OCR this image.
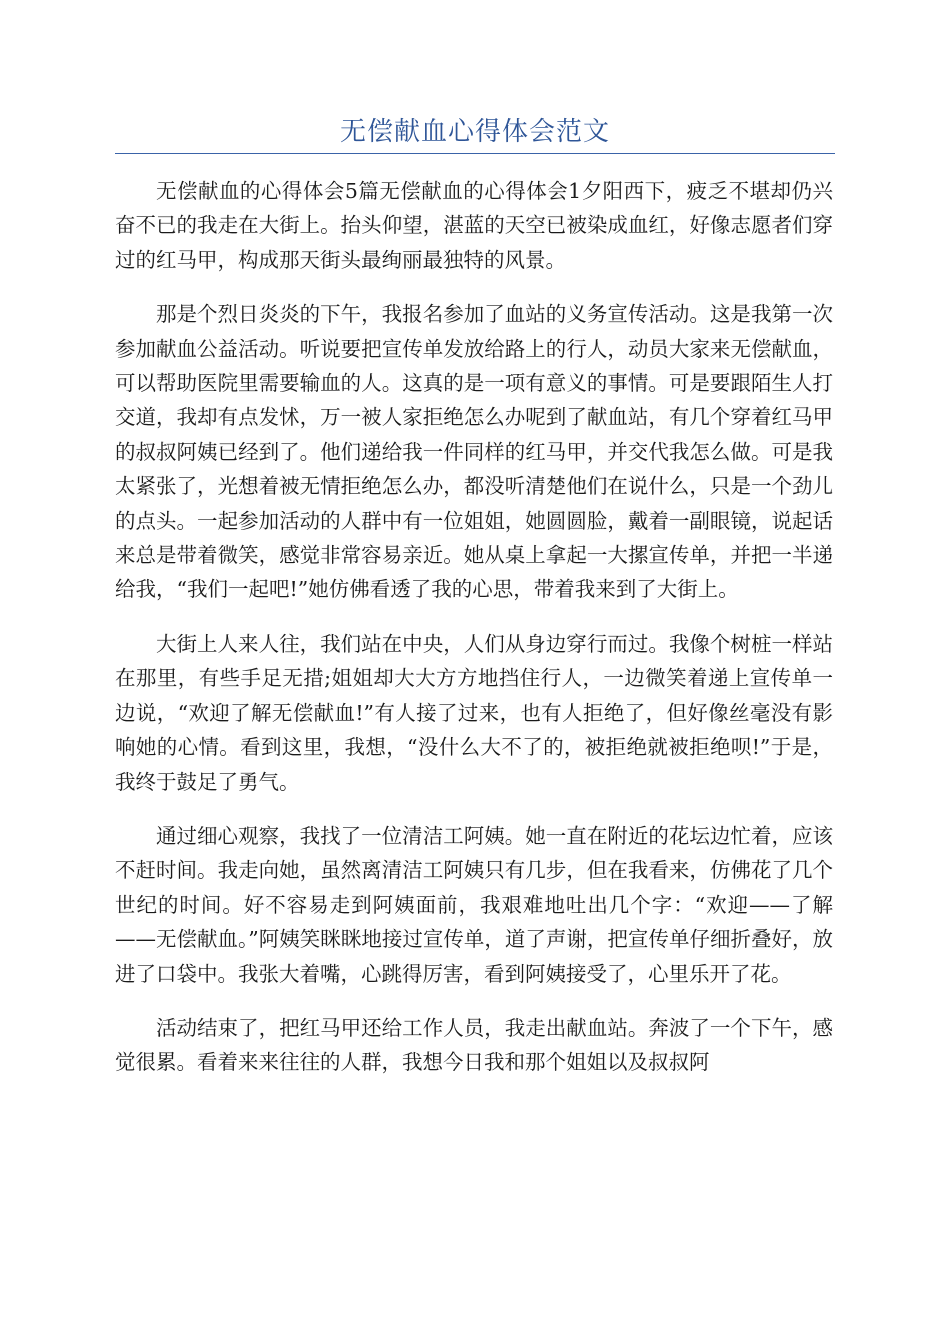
无偿献血心得体会范文

无偿献血的心得体会5篇无偿献血的心得体会1夕阳西下，疲乏不堪却仍兴奋不已的我走在大街上。抬头仰望，湛蓝的天空已被染成血红，好像志愿者们穿过的红马甲，构成那天街头最绚丽最独特的风景。

那是个烈日炎炎的下午，我报名参加了血站的义务宣传活动。这是我第一次参加献血公益活动。听说要把宣传单发放给路上的行人，动员大家来无偿献血，可以帮助医院里需要输血的人。这真的是一项有意义的事情。可是要跟陌生人打交道，我却有点发怵，万一被人家拒绝怎么办呢到了献血站，有几个穿着红马甲的叔叔阿姨已经到了。他们递给我一件同样的红马甲，并交代我怎么做。可是我太紧张了，光想着被无情拒绝怎么办，都没听清楚他们在说什么，只是一个劲儿的点头。一起参加活动的人群中有一位姐姐，她圆圆脸，戴着一副眼镜，说起话来总是带着微笑，感觉非常容易亲近。她从桌上拿起一大摞宣传单，并把一半递给我，“我们一起吧!”她仿佛看透了我的心思，带着我来到了大街上。

大街上人来人往，我们站在中央，人们从身边穿行而过。我像个树桩一样站在那里，有些手足无措;姐姐却大大方方地挡住行人，一边微笑着递上宣传单一边说，“欢迎了解无偿献血!”有人接了过来，也有人拒绝了，但好像丝毫没有影响她的心情。看到这里，我想，“没什么大不了的，被拒绝就被拒绝呗!”于是，我终于鼓足了勇气。

通过细心观察，我找了一位清洁工阿姨。她一直在附近的花坛边忙着，应该不赶时间。我走向她，虽然离清洁工阿姨只有几步，但在我看来，仿佛花了几个世纪的时间。好不容易走到阿姨面前，我艰难地吐出几个字：“欢迎——了解——无偿献血。”阿姨笑眯眯地接过宣传单，道了声谢，把宣传单仔细折叠好，放进了口袋中。我张大着嘴，心跳得厉害，看到阿姨接受了，心里乐开了花。

活动结束了，把红马甲还给工作人员，我走出献血站。奔波了一个下午，感觉很累。看着来来往往的人群，我想今日我和那个姐姐以及叔叔阿
